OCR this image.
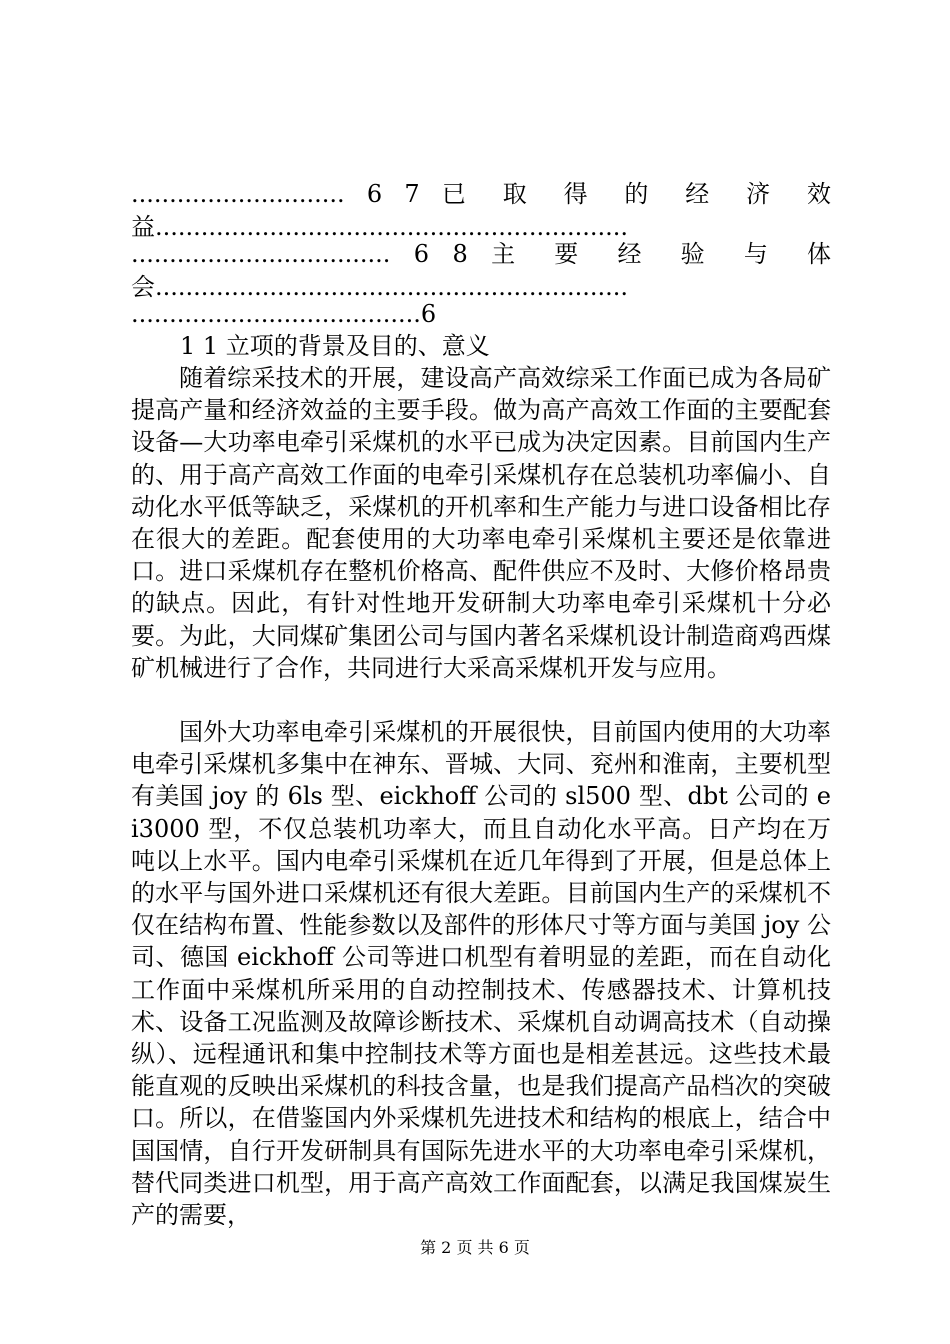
............................ 6 7 已 取 得 的 经 济 效
益..............................................................
.................................. 6 8 主 要 经 验 与 体
会..............................................................
......................................6
1 1 立项的背景及目的、意义

随着综采技术的开展，建设高产高效综采工作面已成为各局矿提高产量和经济效益的主要手段。做为高产高效工作面的主要配套设备—大功率电牵引采煤机的水平已成为决定因素。目前国内生产的、用于高产高效工作面的电牵引采煤机存在总装机功率偏小、自动化水平低等缺乏，采煤机的开机率和生产能力与进口设备相比存在很大的差距。配套使用的大功率电牵引采煤机主要还是依靠进口。进口采煤机存在整机价格高、配件供应不及时、大修价格昂贵的缺点。因此，有针对性地开发研制大功率电牵引采煤机十分必要。为此，大同煤矿集团公司与国内著名采煤机设计制造商鸡西煤矿机械进行了合作，共同进行大采高采煤机开发与应用。

国外大功率电牵引采煤机的开展很快，目前国内使用的大功率电牵引采煤机多集中在神东、晋城、大同、兖州和淮南，主要机型有美国 joy 的 6ls 型、eickhoff 公司的 sl500 型、dbt 公司的 ei3000 型，不仅总装机功率大，而且自动化水平高。日产均在万吨以上水平。国内电牵引采煤机在近几年得到了开展，但是总体上的水平与国外进口采煤机还有很大差距。目前国内生产的采煤机不仅在结构布置、性能参数以及部件的形体尺寸等方面与美国 joy 公司、德国 eickhoff 公司等进口机型有着明显的差距，而在自动化工作面中采煤机所采用的自动控制技术、传感器技术、计算机技术、设备工况监测及故障诊断技术、采煤机自动调高技术（自动操纵）、远程通讯和集中控制技术等方面也是相差甚远。这些技术最能直观的反映出采煤机的科技含量，也是我们提高产品档次的突破口。所以，在借鉴国内外采煤机先进技术和结构的根底上，结合中国国情，自行开发研制具有国际先进水平的大功率电牵引采煤机，替代同类进口机型，用于高产高效工作面配套，以满足我国煤炭生产的需要，

第 2 页 共 6 页
